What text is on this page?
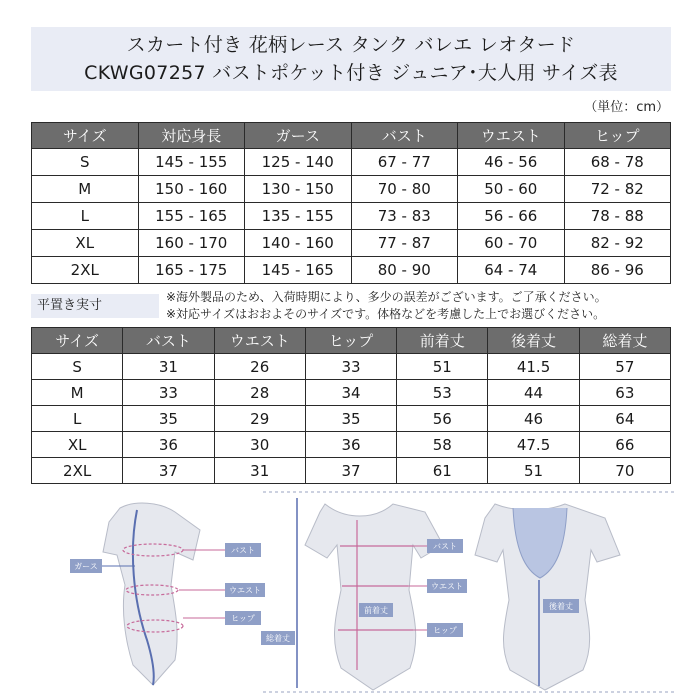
スカート付き 花柄レース タンク バレエ レオタード
CKWG07257 バストポケット付き ジュニア･大人用 サイズ表
（単位：cm）
サイズ	対応身長	ガース	バスト	ウエスト	ヒップ
S	145 - 155	125 - 140	67 - 77	46 - 56	68 - 78
M	150 - 160	130 - 150	70 - 80	50 - 60	72 - 82
L	155 - 165	135 - 155	73 - 83	56 - 66	78 - 88
XL	160 - 170	140 - 160	77 - 87	60 - 70	82 - 92
2XL	165 - 175	145 - 165	80 - 90	64 - 74	86 - 96
平置き実寸
※海外製品のため、入荷時期により、多少の誤差がございます。ご了承ください。
※対応サイズはおおよそのサイズです。体格などを考慮した上でお選びください。
サイズ	バスト	ウエスト	ヒップ	前着丈	後着丈	総着丈
S	31	26	33	51	41.5	57
M	33	28	34	53	44	63
L	35	29	35	56	46	64
XL	36	30	36	58	47.5	66
2XL	37	31	37	61	51	70
ガース
バスト
ウエスト
ヒップ
バスト
ウエスト
ヒップ
前着丈
総着丈
後着丈
